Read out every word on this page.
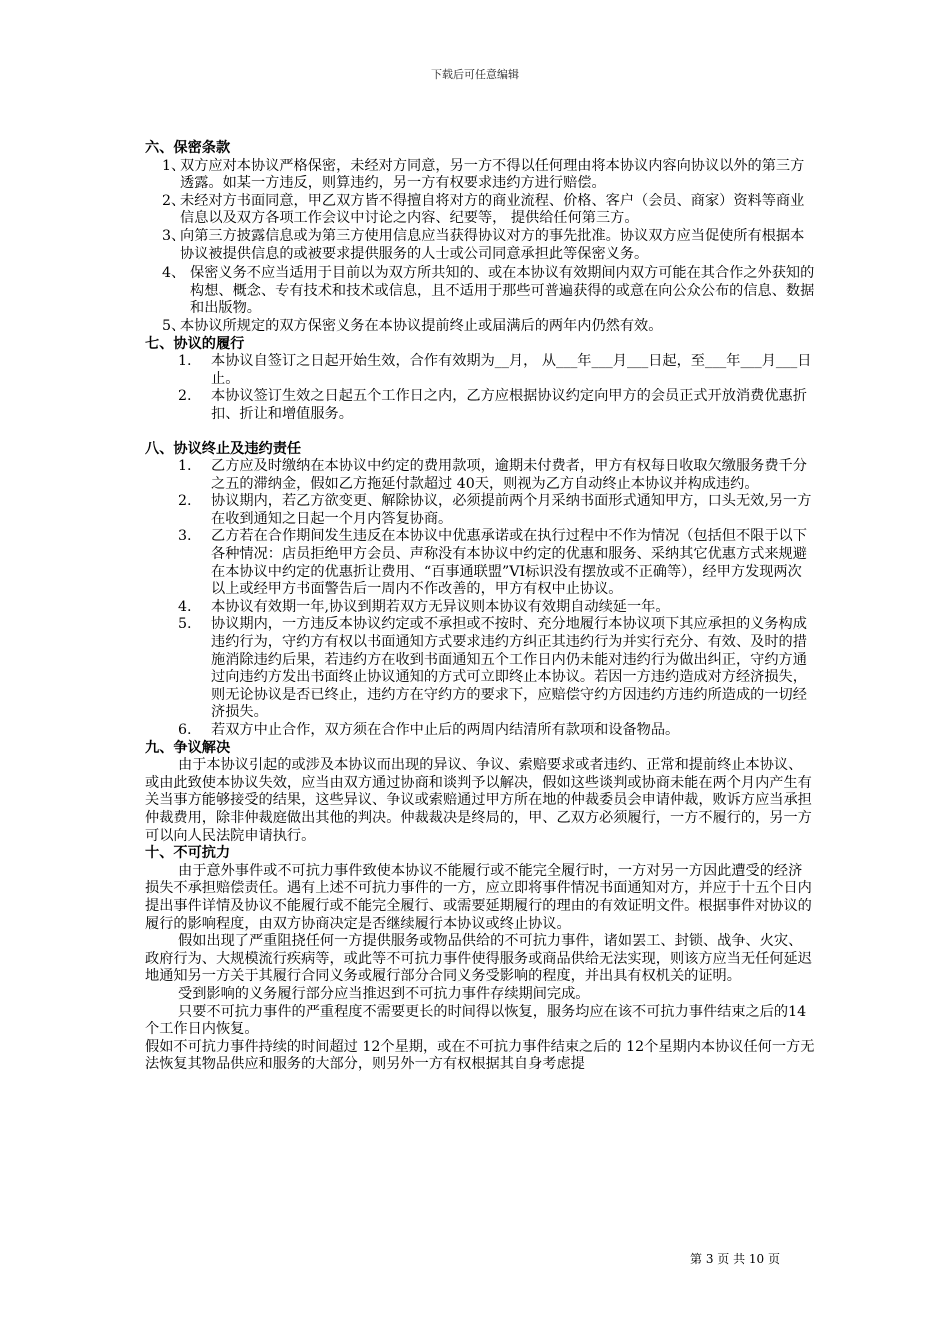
下载后可任意编辑

六、保密条款

1、
双方应对本协议严格保密，未经对方同意，另一方不得以任何理由将本协议内容向协议以外的第三方透露。如某一方违反，则算违约，另一方有权要求违约方进行赔偿。
2、
未经对方书面同意，甲乙双方皆不得擅自将对方的商业流程、价格、客户（会员、商家）资料等商业信息以及双方各项工作会议中讨论之内容、纪要等， 提供给任何第三方。
3、
向第三方披露信息或为第三方使用信息应当获得协议对方的事先批准。协议双方应当促使所有根据本协议被提供信息的或被要求提供服务的人士或公司同意承担此等保密义务。
4、 保密义务不应当适用于目前以为双方所共知的、或在本协议有效期间内双方可能在其合作之外获知的构想、概念、专有技术和技术或信息，且不适用于那些可普遍获得的或意在向公众公布的信息、数据和出版物。
5、
本协议所规定的双方保密义务在本协议提前终止或届满后的两年内仍然有效。

七、协议的履行

1.	本协议自签订之日起开始生效，合作有效期为__月， 从___年___月___日起，至___年___月___日止。
2.	本协议签订生效之日起五个工作日之内，乙方应根据协议约定向甲方的会员正式开放消费优惠折扣、折让和增值服务。

八、协议终止及违约责任

1.	乙方应及时缴纳在本协议中约定的费用款项，逾期未付费者，甲方有权每日收取欠缴服务费千分之五的滞纳金，假如乙方拖延付款超过 40天，则视为乙方自动终止本协议并构成违约。
2.	协议期内，若乙方欲变更、解除协议，必须提前两个月采纳书面形式通知甲方，口头无效,另一方在收到通知之日起一个月内答复协商。
3.	乙方若在合作期间发生违反在本协议中优惠承诺或在执行过程中不作为情况（包括但不限于以下各种情况：店员拒绝甲方会员、声称没有本协议中约定的优惠和服务、采纳其它优惠方式来规避在本协议中约定的优惠折让费用、“百事通联盟”VI标识没有摆放或不正确等），经甲方发现两次以上或经甲方书面警告后一周内不作改善的，甲方有权中止协议。
4.	本协议有效期一年,协议到期若双方无异议则本协议有效期自动续延一年。
5.	协议期内，一方违反本协议约定或不承担或不按时、充分地履行本协议项下其应承担的义务构成违约行为，守约方有权以书面通知方式要求违约方纠正其违约行为并实行充分、有效、及时的措施消除违约后果，若违约方在收到书面通知五个工作日内仍未能对违约行为做出纠正，守约方通过向违约方发出书面终止协议通知的方式可立即终止本协议。若因一方违约造成对方经济损失，则无论协议是否已终止，违约方在守约方的要求下，应赔偿守约方因违约方违约所造成的一切经济损失。
6.	若双方中止合作，双方须在合作中止后的两周内结清所有款项和设备物品。

九、争议解决

由于本协议引起的或涉及本协议而出现的异议、争议、索赔要求或者违约、正常和提前终止本协议、或由此致使本协议失效，应当由双方通过协商和谈判予以解决，假如这些谈判或协商未能在两个月内产生有关当事方能够接受的结果，这些异议、争议或索赔通过甲方所在地的仲裁委员会申请仲裁，败诉方应当承担仲裁费用，除非仲裁庭做出其他的判决。仲裁裁决是终局的，甲、乙双方必须履行，一方不履行的，另一方可以向人民法院申请执行。

十、不可抗力

由于意外事件或不可抗力事件致使本协议不能履行或不能完全履行时，一方对另一方因此遭受的经济损失不承担赔偿责任。遇有上述不可抗力事件的一方，应立即将事件情况书面通知对方，并应于十五个日内提出事件详情及协议不能履行或不能完全履行、或需要延期履行的理由的有效证明文件。根据事件对协议的履行的影响程度，由双方协商决定是否继续履行本协议或终止协议。

假如出现了严重阻挠任何一方提供服务或物品供给的不可抗力事件，诸如罢工、封锁、战争、火灾、政府行为、大规模流行疾病等，或此等不可抗力事件使得服务或商品供给无法实现，则该方应当无任何延迟地通知另一方关于其履行合同义务或履行部分合同义务受影响的程度，并出具有权机关的证明。

受到影响的义务履行部分应当推迟到不可抗力事件存续期间完成。

只要不可抗力事件的严重程度不需要更长的时间得以恢复，服务均应在该不可抗力事件结束之后的14个工作日内恢复。

假如不可抗力事件持续的时间超过 12个星期，或在不可抗力事件结束之后的 12个星期内本协议任何一方无法恢复其物品供应和服务的大部分，则另外一方有权根据其自身考虑提

第 3 页 共 10 页
